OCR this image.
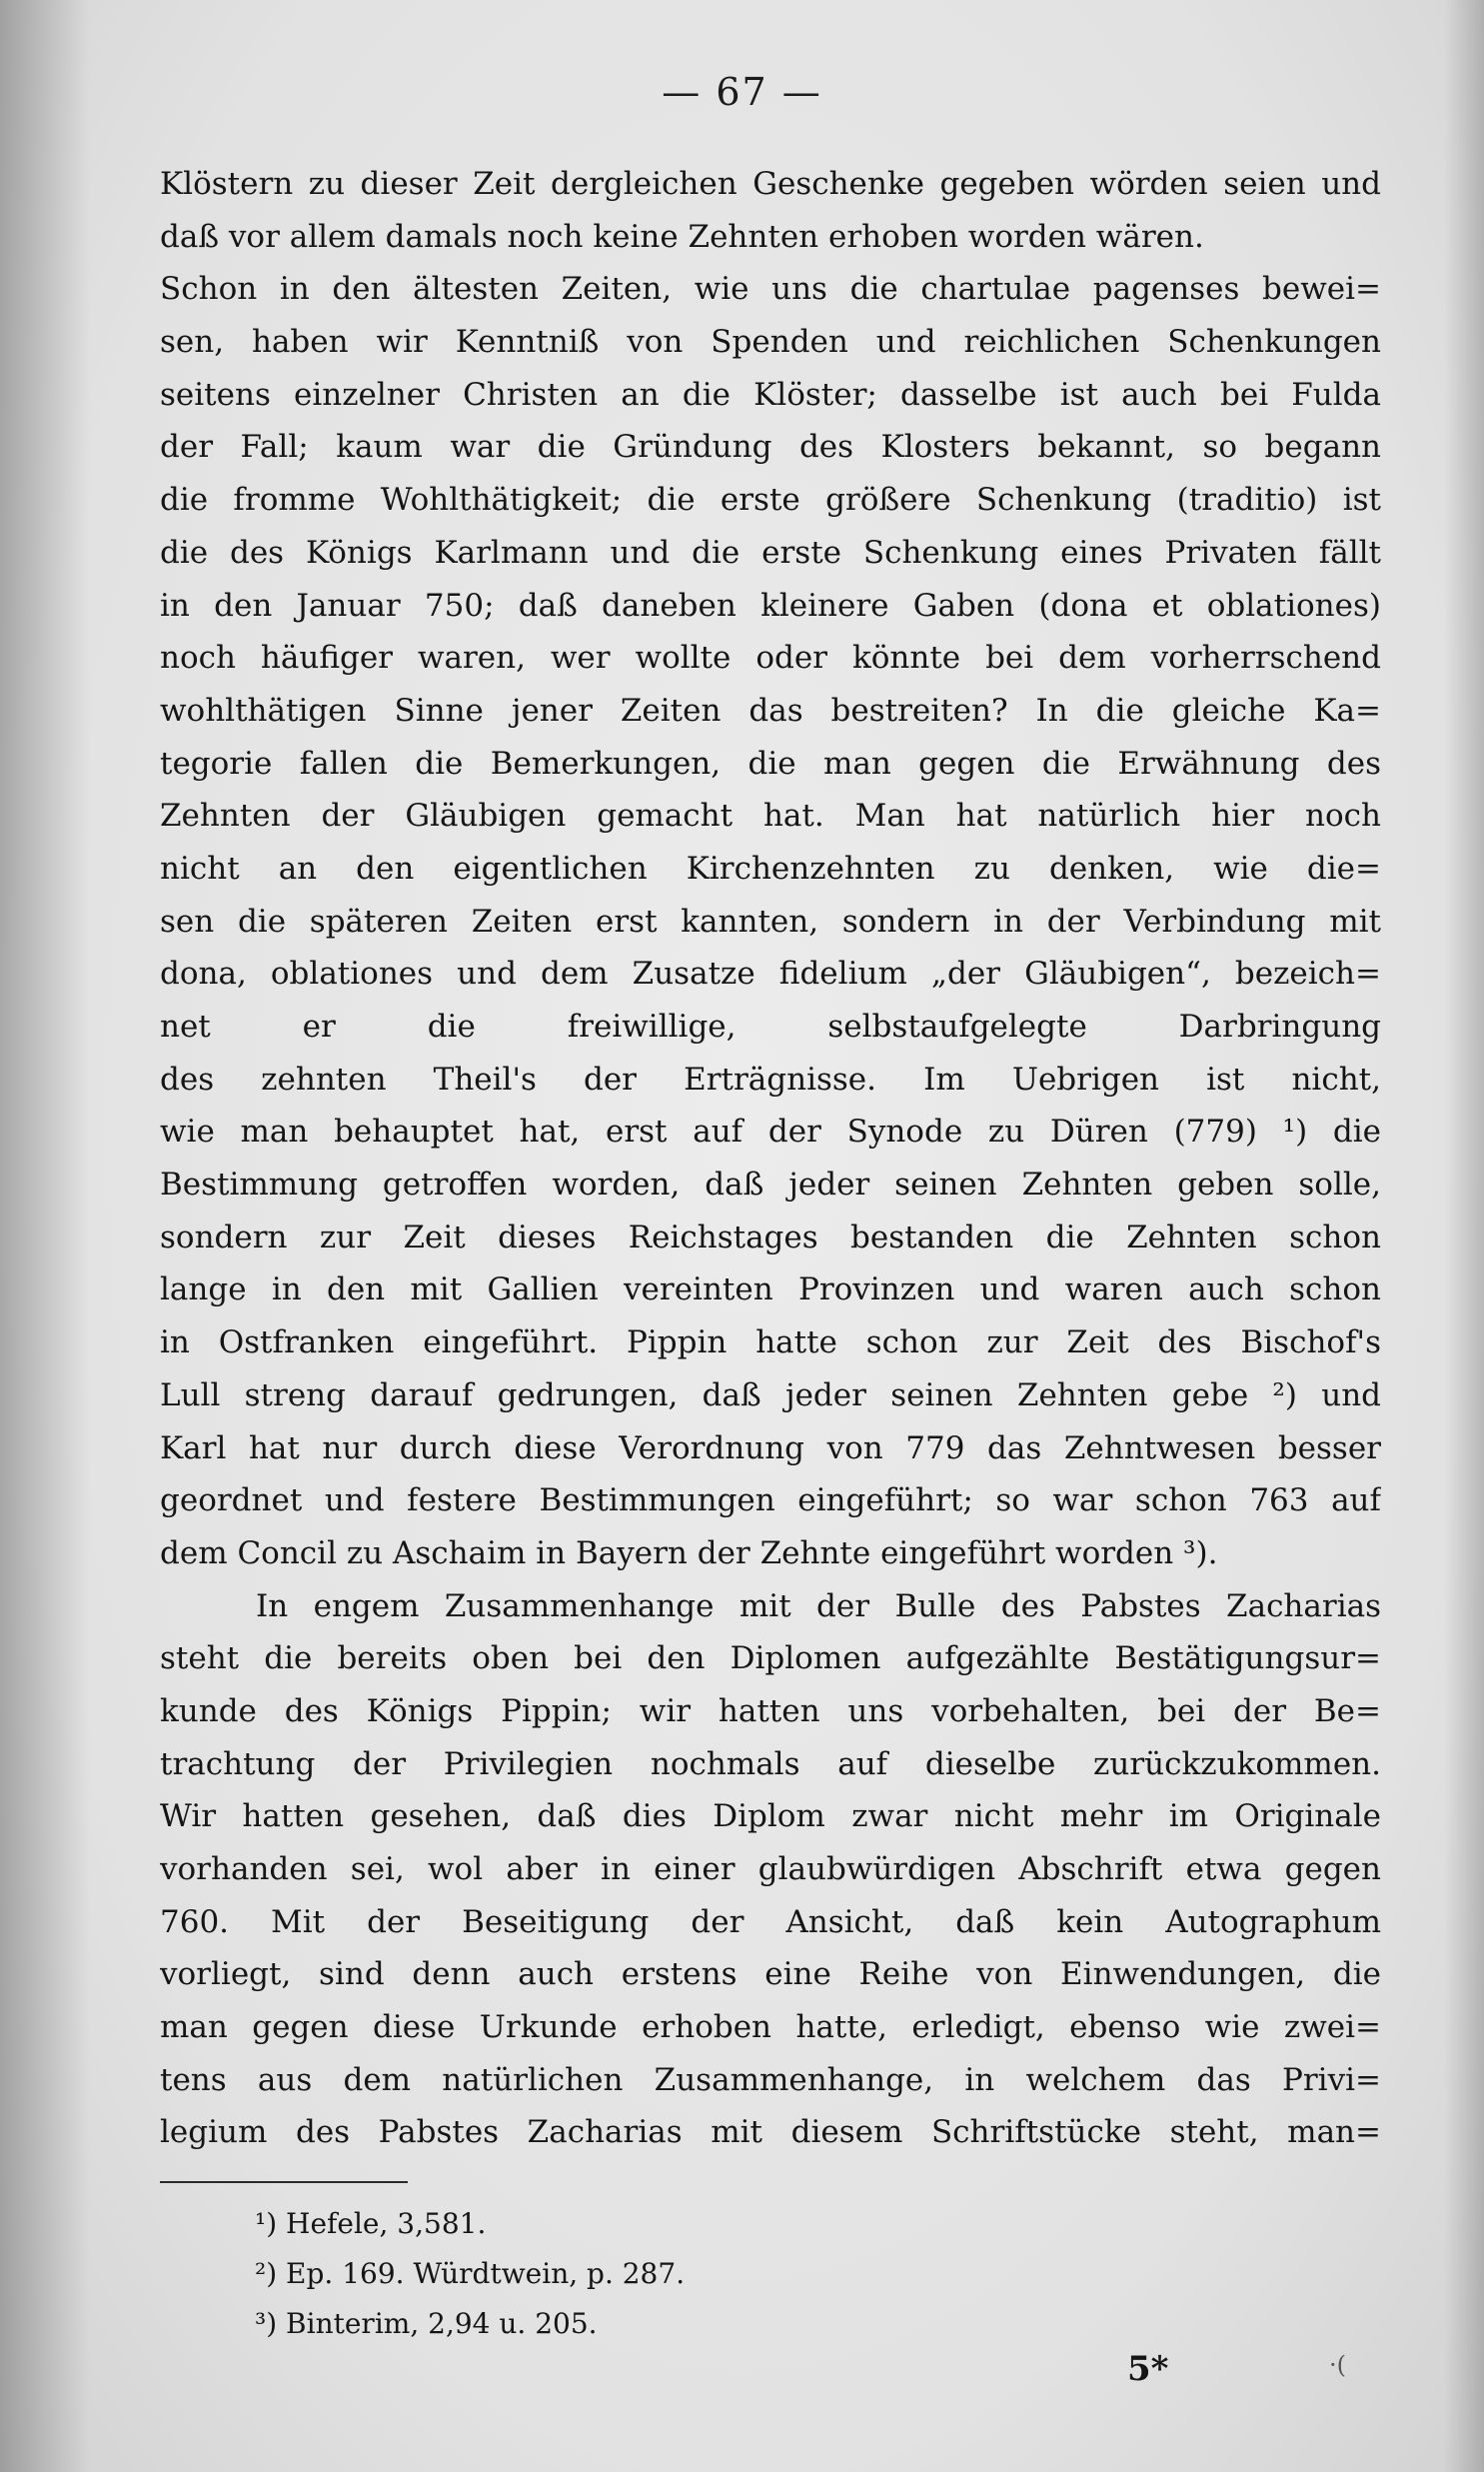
— 67 —
Klöstern zu dieser Zeit dergleichen Geschenke gegeben wörden seien und
daß vor allem damals noch keine Zehnten erhoben worden wären.
Schon in den ältesten Zeiten, wie uns die chartulae pagenses bewei=
sen, haben wir Kenntniß von Spenden und reichlichen Schenkungen
seitens einzelner Christen an die Klöster; dasselbe ist auch bei Fulda
der Fall; kaum war die Gründung des Klosters bekannt, so begann
die fromme Wohlthätigkeit; die erste größere Schenkung (traditio) ist
die des Königs Karlmann und die erste Schenkung eines Privaten fällt
in den Januar 750; daß daneben kleinere Gaben (dona et oblationes)
noch häufiger waren, wer wollte oder könnte bei dem vorherrschend
wohlthätigen Sinne jener Zeiten das bestreiten? In die gleiche Ka=
tegorie fallen die Bemerkungen, die man gegen die Erwähnung des
Zehnten der Gläubigen gemacht hat. Man hat natürlich hier noch
nicht an den eigentlichen Kirchenzehnten zu denken, wie die=
sen die späteren Zeiten erst kannten, sondern in der Verbindung mit
dona, oblationes und dem Zusatze fidelium „der Gläubigen“, bezeich=
net er die freiwillige, selbstaufgelegte Darbringung
des zehnten Theil's der Erträgnisse. Im Uebrigen ist nicht,
wie man behauptet hat, erst auf der Synode zu Düren (779) ¹) die
Bestimmung getroffen worden, daß jeder seinen Zehnten geben solle,
sondern zur Zeit dieses Reichstages bestanden die Zehnten schon
lange in den mit Gallien vereinten Provinzen und waren auch schon
in Ostfranken eingeführt. Pippin hatte schon zur Zeit des Bischof's
Lull streng darauf gedrungen, daß jeder seinen Zehnten gebe ²) und
Karl hat nur durch diese Verordnung von 779 das Zehntwesen besser
geordnet und festere Bestimmungen eingeführt; so war schon 763 auf
dem Concil zu Aschaim in Bayern der Zehnte eingeführt worden ³).
In engem Zusammenhange mit der Bulle des Pabstes Zacharias
steht die bereits oben bei den Diplomen aufgezählte Bestätigungsur=
kunde des Königs Pippin; wir hatten uns vorbehalten, bei der Be=
trachtung der Privilegien nochmals auf dieselbe zurückzukommen.
Wir hatten gesehen, daß dies Diplom zwar nicht mehr im Originale
vorhanden sei, wol aber in einer glaubwürdigen Abschrift etwa gegen
760. Mit der Beseitigung der Ansicht, daß kein Autographum
vorliegt, sind denn auch erstens eine Reihe von Einwendungen, die
man gegen diese Urkunde erhoben hatte, erledigt, ebenso wie zwei=
tens aus dem natürlichen Zusammenhange, in welchem das Privi=
legium des Pabstes Zacharias mit diesem Schriftstücke steht, man=
¹) Hefele, 3,581.
²) Ep. 169. Würdtwein, p. 287.
³) Binterim, 2,94 u. 205.
5*	·(
